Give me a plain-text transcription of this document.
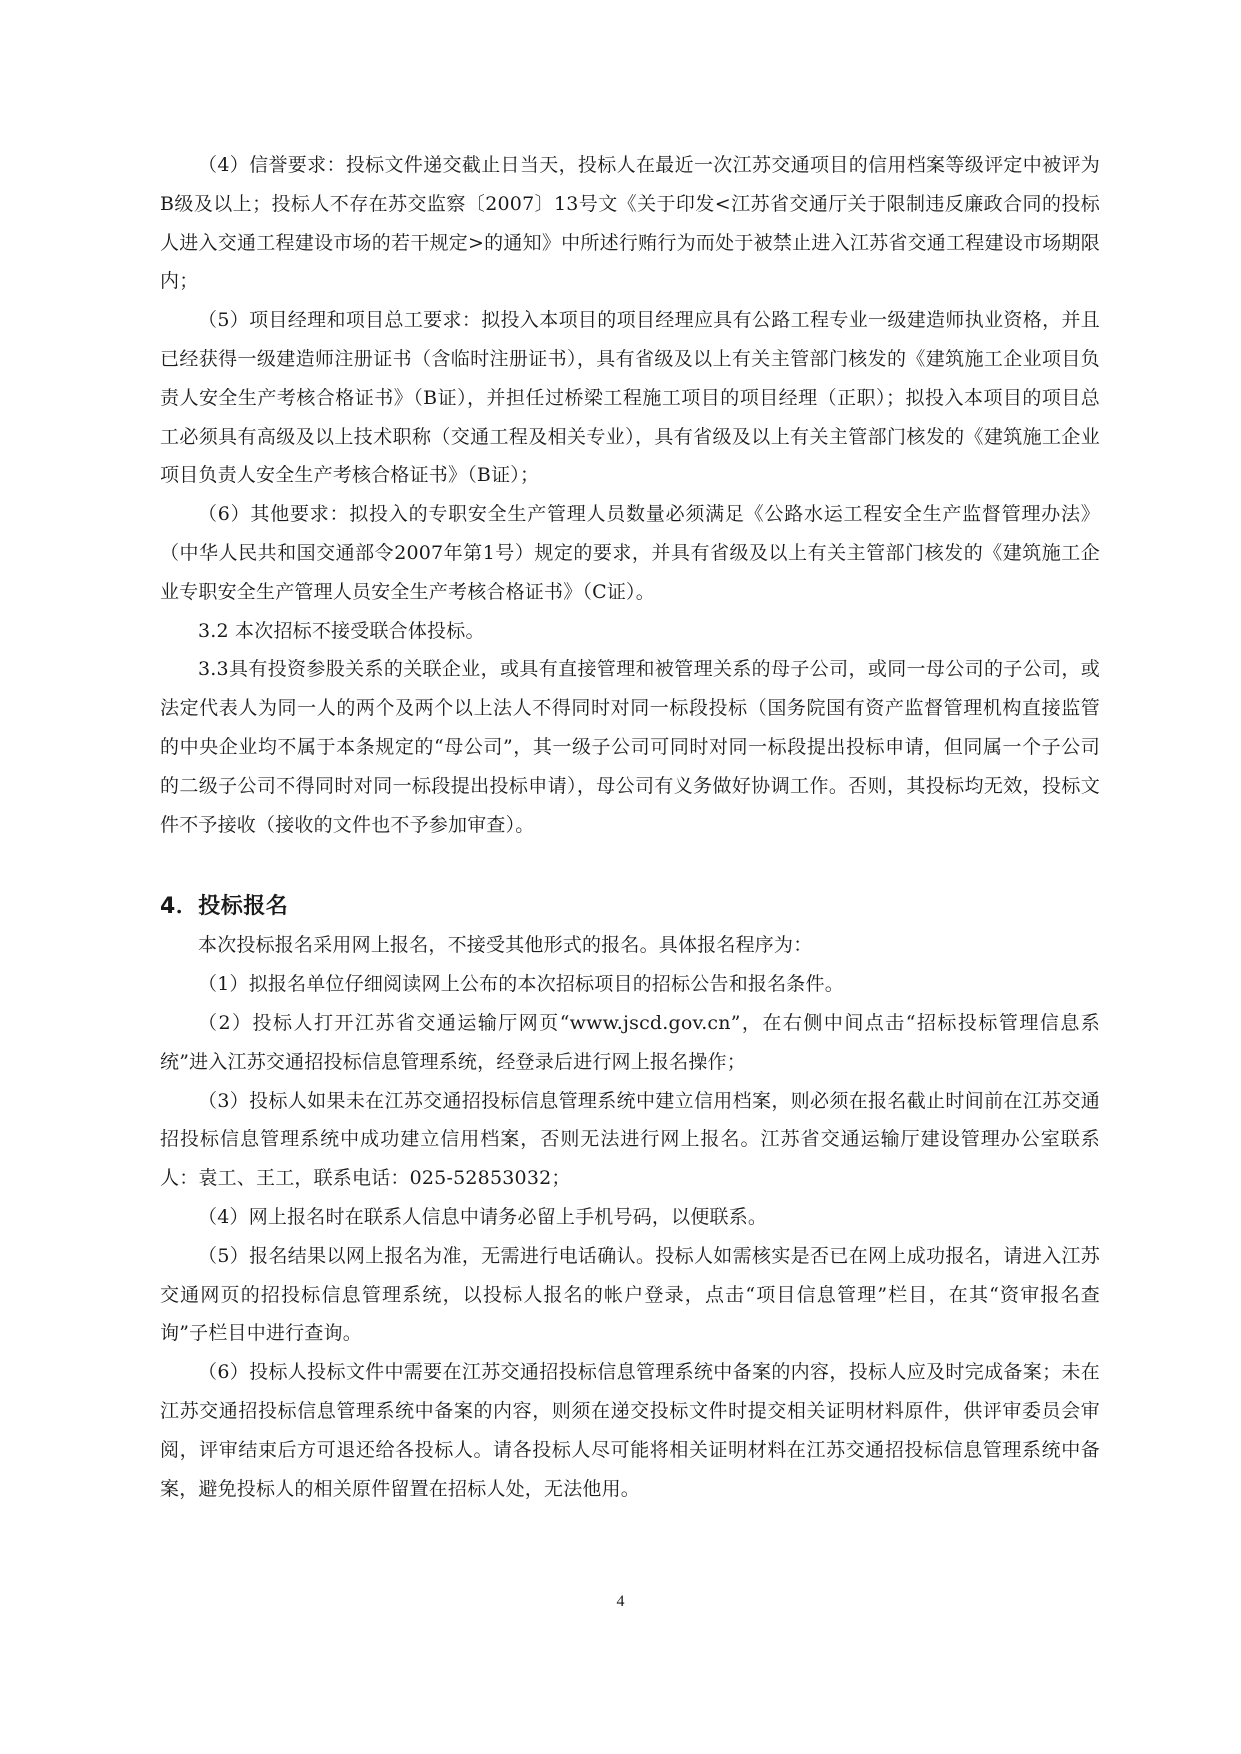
（4）信誉要求：投标文件递交截止日当天，投标人在最近一次江苏交通项目的信用档案等级评定中被评为B级及以上；投标人不存在苏交监察〔2007〕13号文《关于印发<江苏省交通厅关于限制违反廉政合同的投标人进入交通工程建设市场的若干规定>的通知》中所述行贿行为而处于被禁止进入江苏省交通工程建设市场期限内；

（5）项目经理和项目总工要求：拟投入本项目的项目经理应具有公路工程专业一级建造师执业资格，并且已经获得一级建造师注册证书（含临时注册证书），具有省级及以上有关主管部门核发的《建筑施工企业项目负责人安全生产考核合格证书》（B证），并担任过桥梁工程施工项目的项目经理（正职）；拟投入本项目的项目总工必须具有高级及以上技术职称（交通工程及相关专业），具有省级及以上有关主管部门核发的《建筑施工企业项目负责人安全生产考核合格证书》（B证）；

（6）其他要求：拟投入的专职安全生产管理人员数量必须满足《公路水运工程安全生产监督管理办法》（中华人民共和国交通部令2007年第1号）规定的要求，并具有省级及以上有关主管部门核发的《建筑施工企业专职安全生产管理人员安全生产考核合格证书》（C证）。

3.2 本次招标不接受联合体投标。

3.3具有投资参股关系的关联企业，或具有直接管理和被管理关系的母子公司，或同一母公司的子公司，或法定代表人为同一人的两个及两个以上法人不得同时对同一标段投标（国务院国有资产监督管理机构直接监管的中央企业均不属于本条规定的“母公司”，其一级子公司可同时对同一标段提出投标申请，但同属一个子公司的二级子公司不得同时对同一标段提出投标申请），母公司有义务做好协调工作。否则，其投标均无效，投标文件不予接收（接收的文件也不予参加审查）。

4．投标报名

本次投标报名采用网上报名，不接受其他形式的报名。具体报名程序为：

（1）拟报名单位仔细阅读网上公布的本次招标项目的招标公告和报名条件。

（2）投标人打开江苏省交通运输厅网页“www.jscd.gov.cn”，在右侧中间点击“招标投标管理信息系统”进入江苏交通招投标信息管理系统，经登录后进行网上报名操作；

（3）投标人如果未在江苏交通招投标信息管理系统中建立信用档案，则必须在报名截止时间前在江苏交通招投标信息管理系统中成功建立信用档案，否则无法进行网上报名。江苏省交通运输厅建设管理办公室联系人：袁工、王工，联系电话：025-52853032；

（4）网上报名时在联系人信息中请务必留上手机号码，以便联系。

（5）报名结果以网上报名为准，无需进行电话确认。投标人如需核实是否已在网上成功报名，请进入江苏交通网页的招投标信息管理系统，以投标人报名的帐户登录，点击“项目信息管理”栏目，在其“资审报名查询”子栏目中进行查询。

（6）投标人投标文件中需要在江苏交通招投标信息管理系统中备案的内容，投标人应及时完成备案；未在江苏交通招投标信息管理系统中备案的内容，则须在递交投标文件时提交相关证明材料原件，供评审委员会审阅，评审结束后方可退还给各投标人。请各投标人尽可能将相关证明材料在江苏交通招投标信息管理系统中备案，避免投标人的相关原件留置在招标人处，无法他用。

4
